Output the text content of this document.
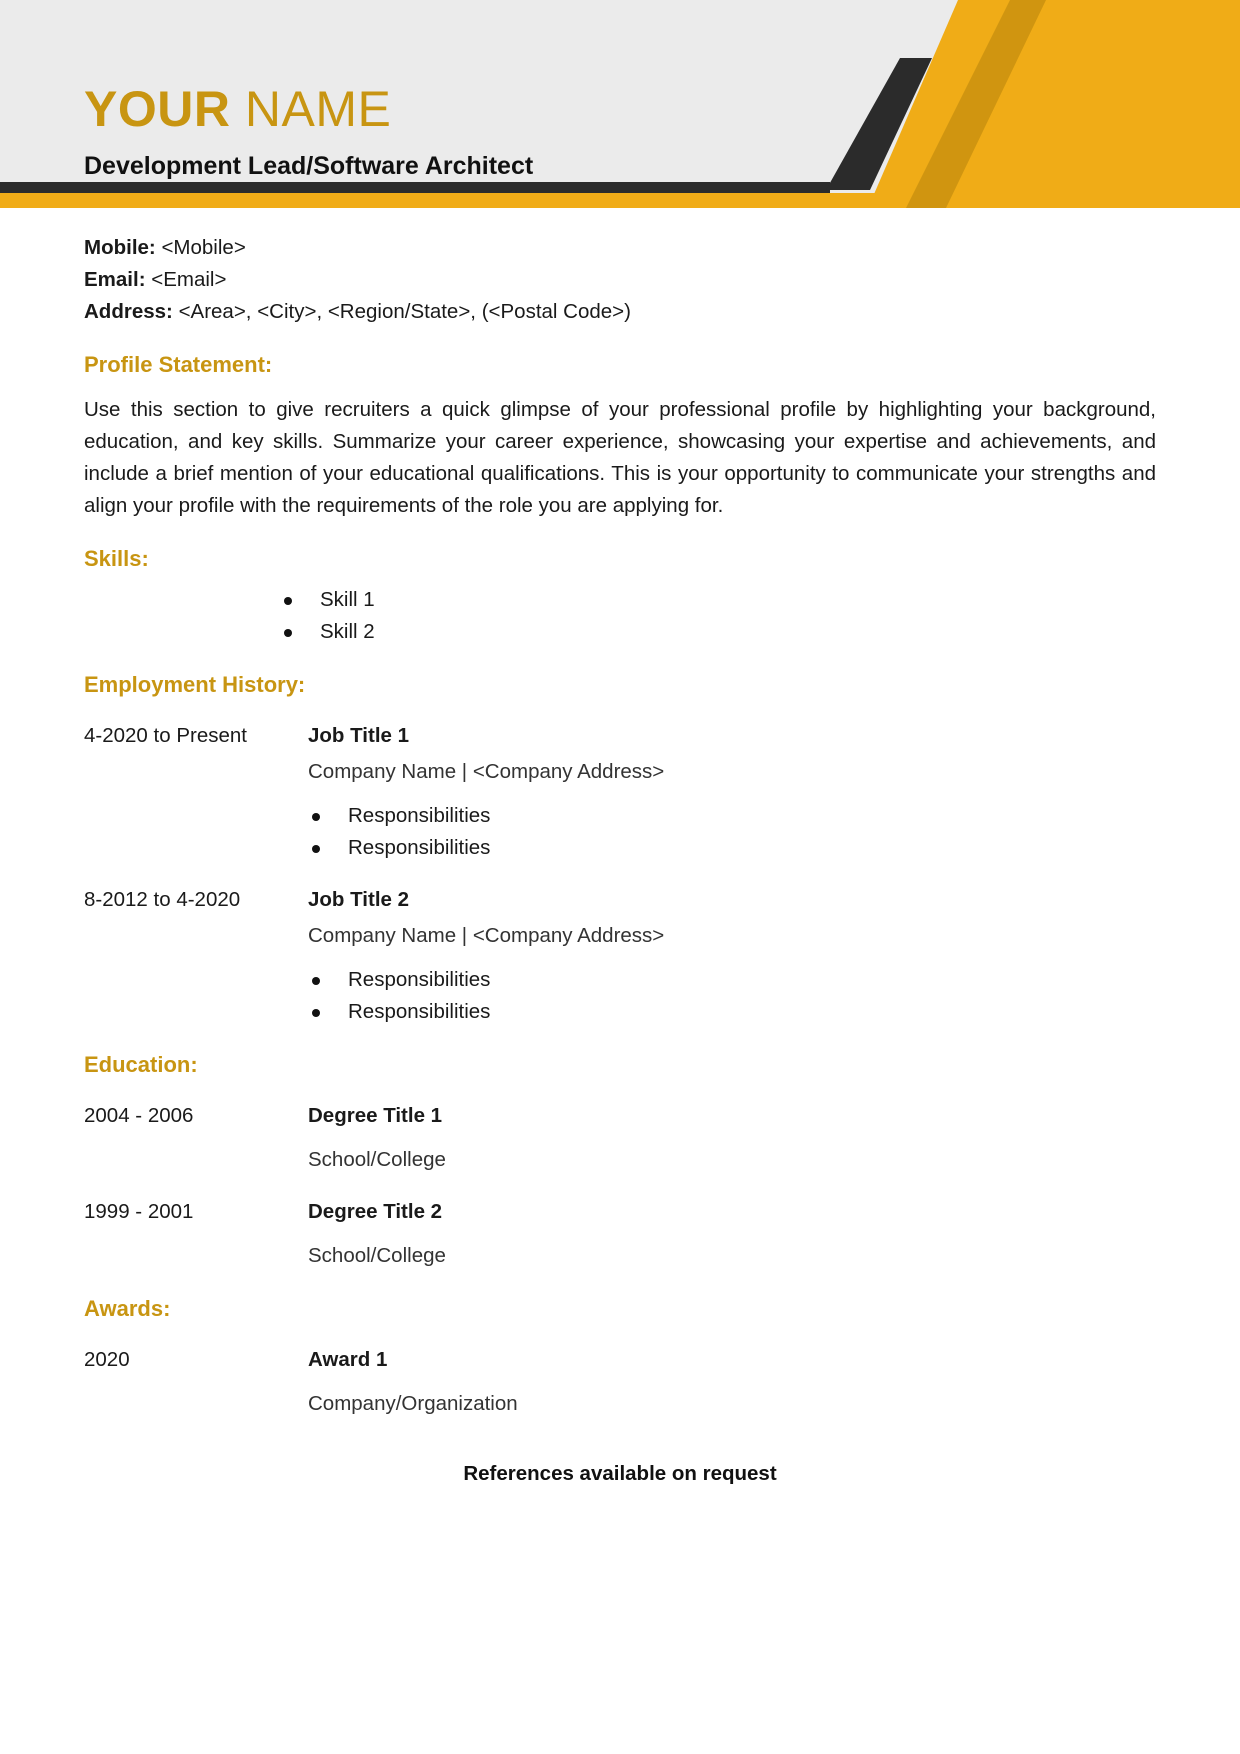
YOUR NAME
Development Lead/Software Architect
Mobile: <Mobile>
Email: <Email>
Address: <Area>, <City>, <Region/State>, (<Postal Code>)
Profile Statement:
Use this section to give recruiters a quick glimpse of your professional profile by highlighting your background, education, and key skills. Summarize your career experience, showcasing your expertise and achievements, and include a brief mention of your educational qualifications. This is your opportunity to communicate your strengths and align your profile with the requirements of the role you are applying for.
Skills:
Skill 1
Skill 2
Employment History:
4-2020 to Present	Job Title 1
Company Name | <Company Address>
Responsibilities
Responsibilities
8-2012 to 4-2020	Job Title 2
Company Name | <Company Address>
Responsibilities
Responsibilities
Education:
2004 - 2006	Degree Title 1
School/College
1999 - 2001	Degree Title 2
School/College
Awards:
2020	Award 1
Company/Organization
References available on request
